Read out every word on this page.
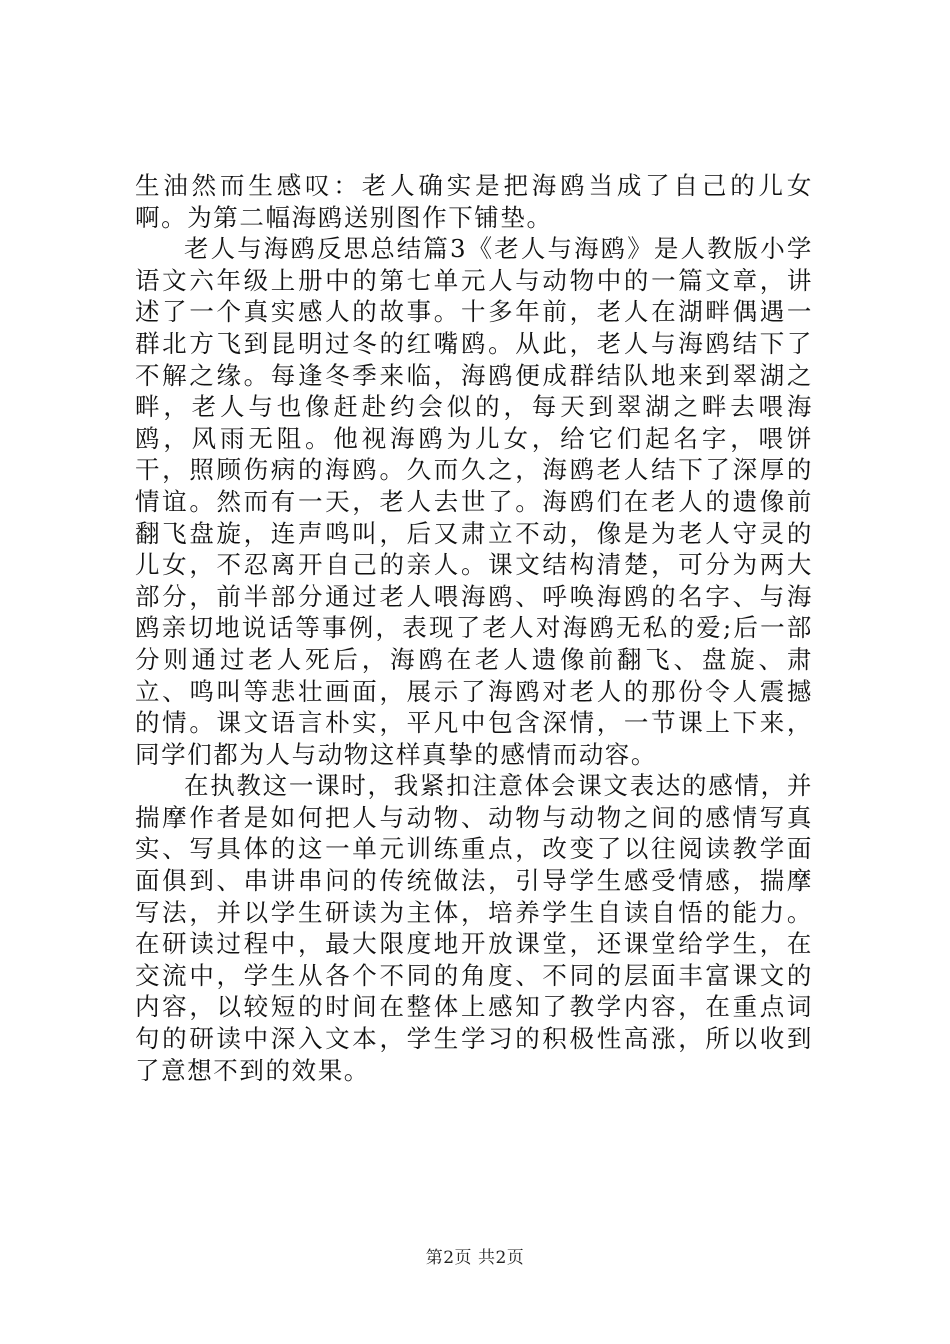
生油然而生感叹：老人确实是把海鸥当成了自己的儿女啊。为第二幅海鸥送别图作下铺垫。

老人与海鸥反思总结篇3《老人与海鸥》是人教版小学语文六年级上册中的第七单元人与动物中的一篇文章，讲述了一个真实感人的故事。十多年前，老人在湖畔偶遇一群北方飞到昆明过冬的红嘴鸥。从此，老人与海鸥结下了不解之缘。每逢冬季来临，海鸥便成群结队地来到翠湖之畔，老人与也像赶赴约会似的，每天到翠湖之畔去喂海鸥，风雨无阻。他视海鸥为儿女，给它们起名字，喂饼干，照顾伤病的海鸥。久而久之，海鸥老人结下了深厚的情谊。然而有一天，老人去世了。海鸥们在老人的遗像前翻飞盘旋，连声鸣叫，后又肃立不动，像是为老人守灵的儿女，不忍离开自己的亲人。课文结构清楚，可分为两大部分，前半部分通过老人喂海鸥、呼唤海鸥的名字、与海鸥亲切地说话等事例，表现了老人对海鸥无私的爱;后一部分则通过老人死后，海鸥在老人遗像前翻飞、盘旋、肃立、鸣叫等悲壮画面，展示了海鸥对老人的那份令人震撼的情。课文语言朴实，平凡中包含深情，一节课上下来，同学们都为人与动物这样真挚的感情而动容。

在执教这一课时，我紧扣注意体会课文表达的感情，并揣摩作者是如何把人与动物、动物与动物之间的感情写真实、写具体的这一单元训练重点，改变了以往阅读教学面面俱到、串讲串问的传统做法，引导学生感受情感，揣摩写法，并以学生研读为主体，培养学生自读自悟的能力。在研读过程中，最大限度地开放课堂，还课堂给学生，在交流中，学生从各个不同的角度、不同的层面丰富课文的内容，以较短的时间在整体上感知了教学内容，在重点词句的研读中深入文本，学生学习的积极性高涨，所以收到了意想不到的效果。

第2页 共2页
